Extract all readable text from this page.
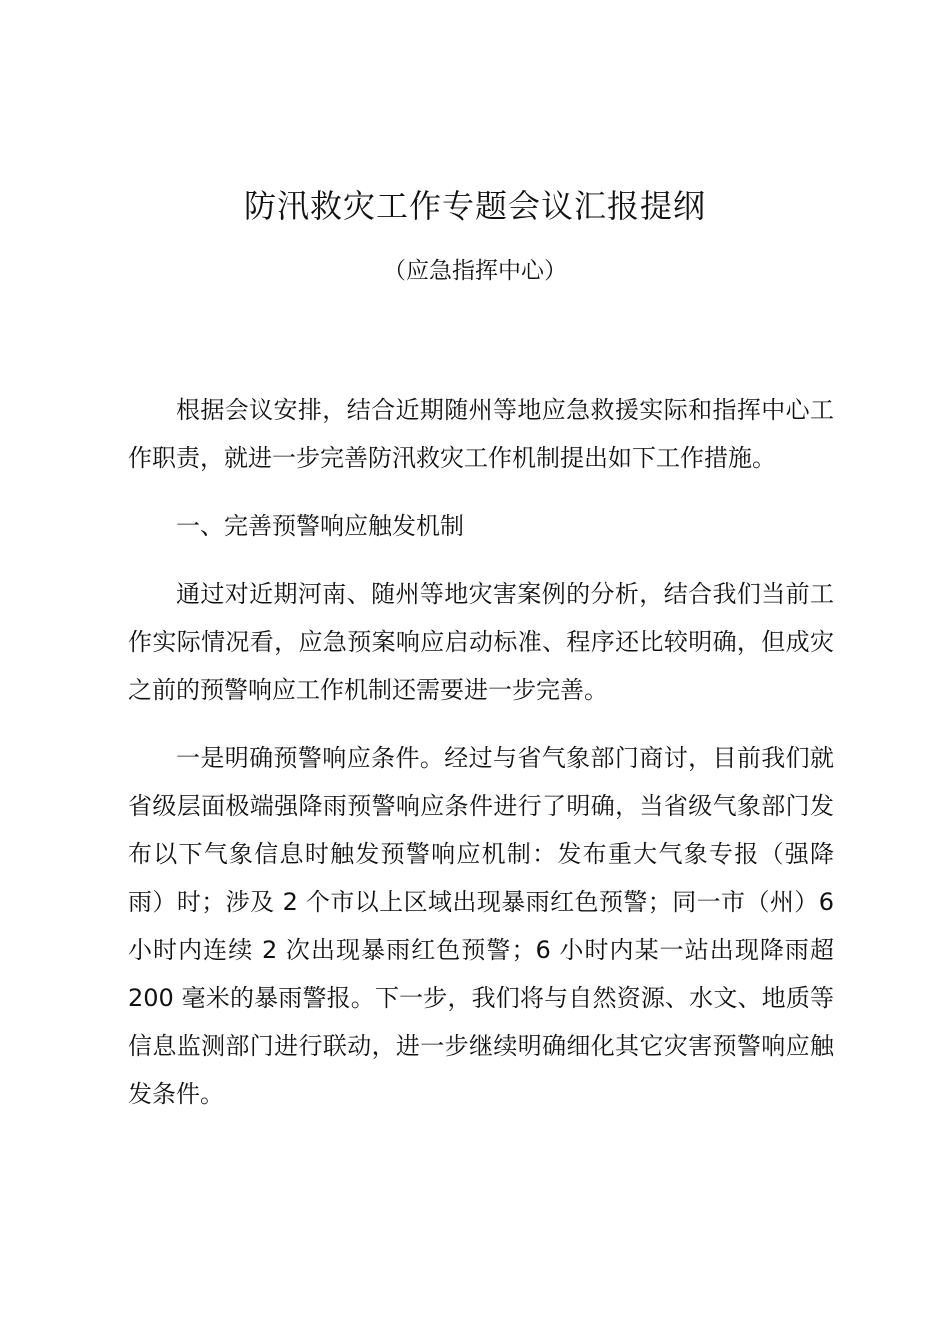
防汛救灾工作专题会议汇报提纲
（应急指挥中心）

根据会议安排，结合近期随州等地应急救援实际和指挥中心工作职责，就进一步完善防汛救灾工作机制提出如下工作措施。

一、完善预警响应触发机制

通过对近期河南、随州等地灾害案例的分析，结合我们当前工作实际情况看，应急预案响应启动标准、程序还比较明确，但成灾之前的预警响应工作机制还需要进一步完善。

一是明确预警响应条件。经过与省气象部门商讨，目前我们就省级层面极端强降雨预警响应条件进行了明确，当省级气象部门发布以下气象信息时触发预警响应机制：发布重大气象专报（强降雨）时；涉及 2 个市以上区域出现暴雨红色预警；同一市（州）6 小时内连续 2 次出现暴雨红色预警；6 小时内某一站出现降雨超 200 毫米的暴雨警报。下一步，我们将与自然资源、水文、地质等信息监测部门进行联动，进一步继续明确细化其它灾害预警响应触发条件。
